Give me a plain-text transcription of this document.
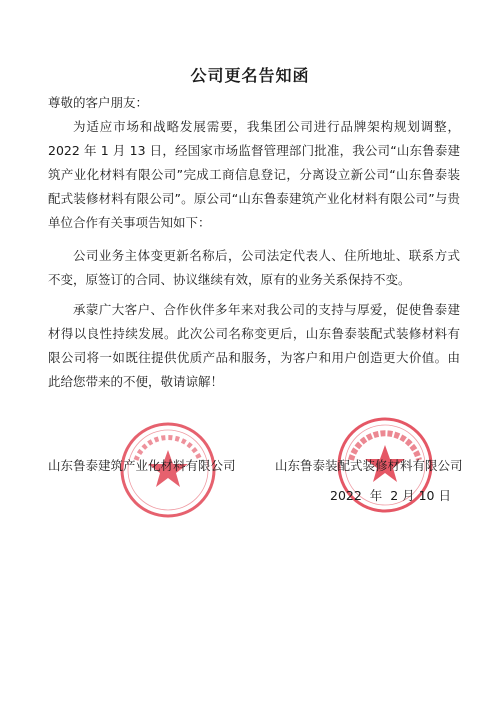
公司更名告知函
尊敬的客户朋友：

为适应市场和战略发展需要，我集团公司进行品牌架构规划调整，2022 年 1 月 13 日，经国家市场监督管理部门批准，我公司“山东鲁泰建筑产业化材料有限公司”完成工商信息登记，分离设立新公司“山东鲁泰装配式装修材料有限公司”。原公司“山东鲁泰建筑产业化材料有限公司”与贵单位合作有关事项告知如下：

公司业务主体变更新名称后，公司法定代表人、住所地址、联系方式不变，原签订的合同、协议继续有效，原有的业务关系保持不变。

承蒙广大客户、合作伙伴多年来对我公司的支持与厚爱，促使鲁泰建材得以良性持续发展。此次公司名称变更后，山东鲁泰装配式装修材料有限公司将一如既往提供优质产品和服务，为客户和用户创造更大价值。由此给您带来的不便，敬请谅解！

山东鲁泰建筑产业化材料有限公司	山东鲁泰装配式装修材料有限公司
2022  年  2 月 10 日
